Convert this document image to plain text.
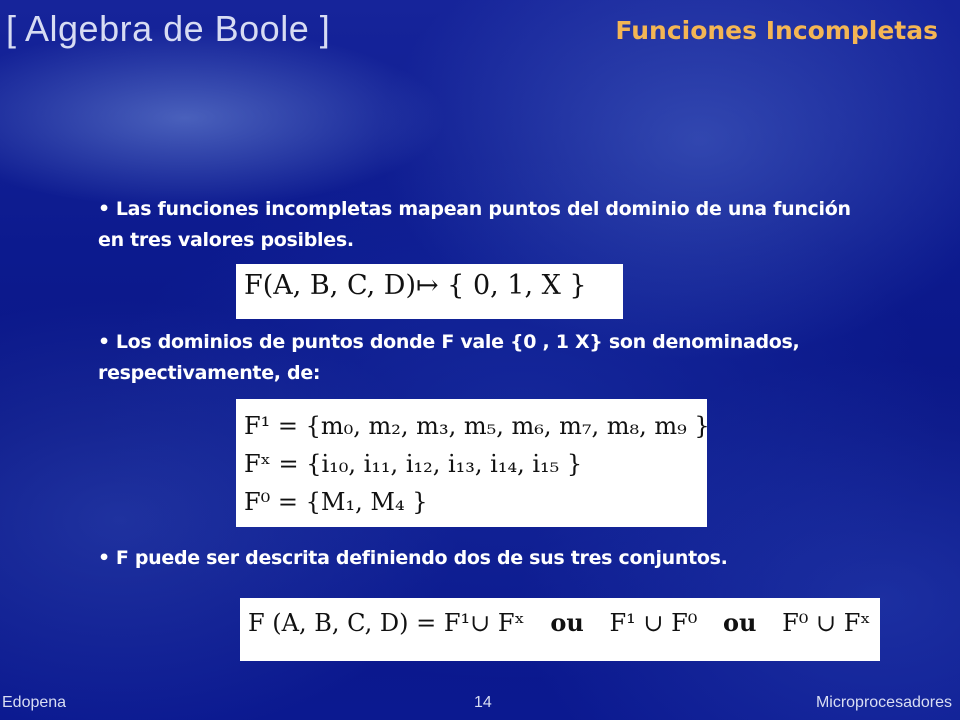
[ Algebra de Boole ]	Funciones Incompletas
• Las funciones incompletas mapean puntos del dominio de una función en tres valores posibles.
F(A, B, C, D)↦ { 0, 1, X }
• Los dominios de puntos donde F vale {0 , 1 X} son denominados, respectivamente, de:
F¹ = {m₀, m₂, m₃, m₅, m₆, m₇, m₈, m₉ }
Fˣ = {i₁₀, i₁₁, i₁₂, i₁₃, i₁₄, i₁₅ }
F⁰ = {M₁, M₄ }
• F puede ser descrita definiendo dos de sus tres conjuntos.
F (A, B, C, D) = F¹∪ Fˣ ou F¹ ∪ F⁰ ou F⁰ ∪ Fˣ
Edopena	14	Microprocesadores
